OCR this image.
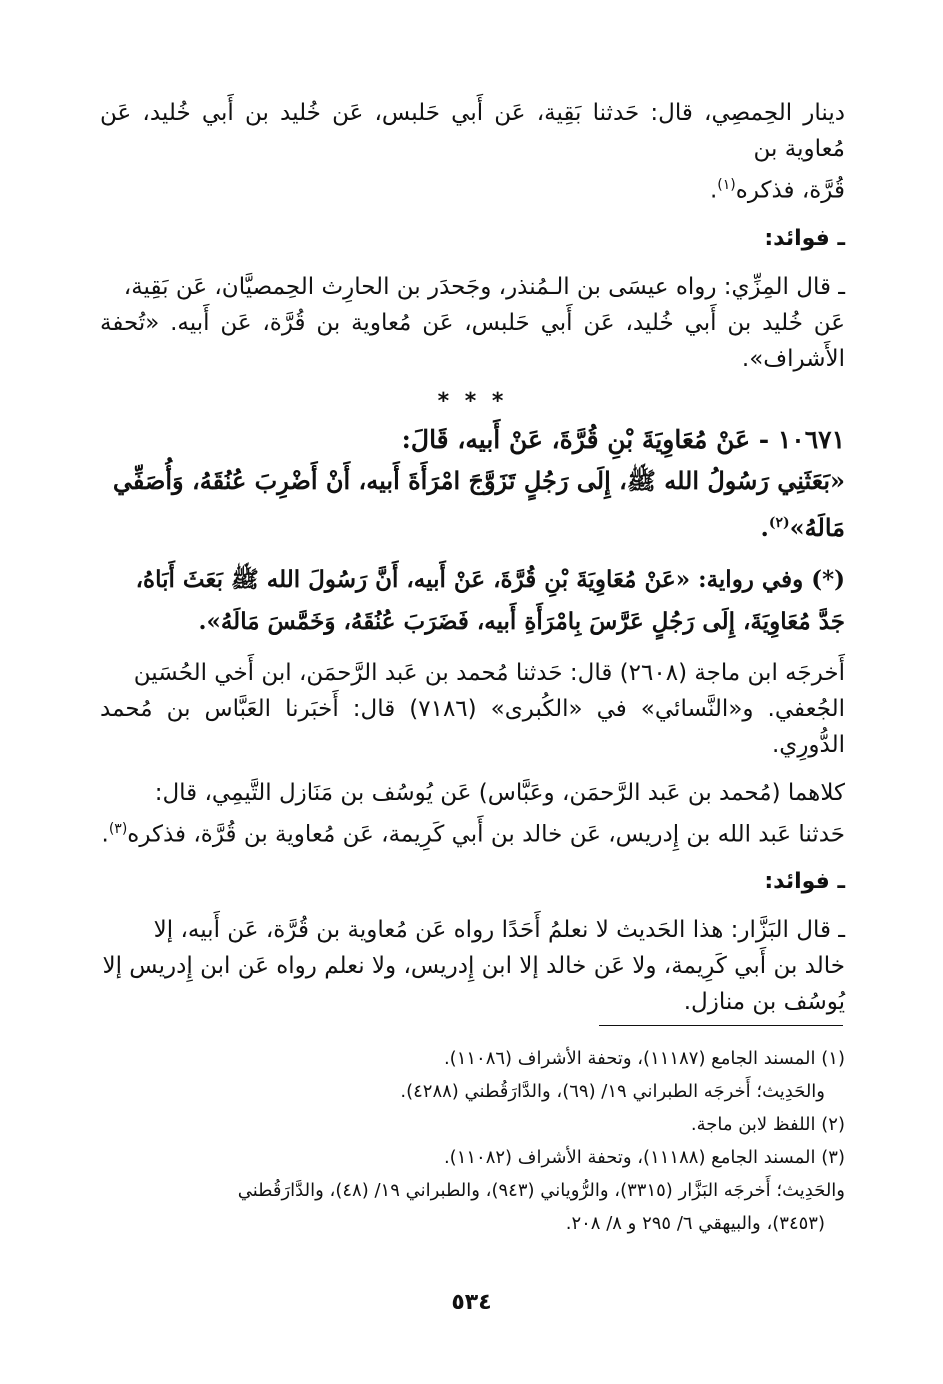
دينار الحِمصِي، قال: حَدثنا بَقِية، عَن أَبي حَلبس، عَن خُليد بن أَبي خُليد، عَن مُعاوية بن

قُرَّة، فذكره$^{(١)}$.

ـ فوائد:

ـ قال المِزِّي: رواه عيسَى بن الـمُنذر، وجَحدَر بن الحارِث الحِمصيَّان، عَن بَقِية،

عَن خُليد بن أَبي خُليد، عَن أَبي حَلبس، عَن مُعاوية بن قُرَّة، عَن أَبيه. «تُحفة الأَشراف».

* * *

١٠٦٧١ - عَنْ مُعَاوِيَةَ بْنِ قُرَّةَ، عَنْ أَبيه، قَالَ:

«بَعَثَنِي رَسُولُ الله ﷺ، إِلَى رَجُلٍ تَزَوَّجَ امْرَأَةَ أَبيه، أَنْ أَضْرِبَ عُنُقَهُ، وَأُصَفِّي

مَالَهُ»$^{(٢)}$.

(*) وفي رواية: «عَنْ مُعَاوِيَةَ بْنِ قُرَّةَ، عَنْ أَبيه، أَنَّ رَسُولَ الله ﷺ بَعَثَ أَبَاهُ،

جَدَّ مُعَاوِيَةَ، إِلَى رَجُلٍ عَرَّسَ بِامْرَأَةِ أَبيه، فَضَرَبَ عُنُقَهُ، وَخَمَّسَ مَالَهُ».

أَخرجَه ابن ماجة (٢٦٠٨) قال: حَدثنا مُحمد بن عَبد الرَّحمَن، ابن أَخي الحُسَين

الجُعفي. و«النَّسائي» في «الكُبرى» (٧١٨٦) قال: أَخبَرنا العَبَّاس بن مُحمد الدُّورِي.

كلاهما (مُحمد بن عَبد الرَّحمَن، وعَبَّاس) عَن يُوسُف بن مَنَازل التَّيمِي، قال:

حَدثنا عَبد الله بن إِدريس، عَن خالد بن أَبي كَرِيمة، عَن مُعاوية بن قُرَّة، فذكره$^{(٣)}$.

ـ فوائد:

ـ قال البَزَّار: هذا الحَديث لا نعلمُ أَحَدًا رواه عَن مُعاوية بن قُرَّة، عَن أَبيه، إلا

خالد بن أَبي كَرِيمة، ولا عَن خالد إلا ابن إِدريس، ولا نعلم رواه عَن ابن إِدريس إلا

يُوسُف بن منازل.

(١) المسند الجامع (١١١٨٧)، وتحفة الأشراف (١١٠٨٦).

والحَدِيث؛ أَخرجَه الطبراني ١٩/ (٦٩)، والدَّارَقُطني (٤٢٨٨).

(٢) اللفظ لابن ماجة.

(٣) المسند الجامع (١١١٨٨)، وتحفة الأشراف (١١٠٨٢).

والحَدِيث؛ أَخرجَه البَزَّار (٣٣١٥)، والرُّوياني (٩٤٣)، والطبراني ١٩/ (٤٨)، والدَّارَقُطني

(٣٤٥٣)، والبيهقي ٦/ ٢٩٥ و ٨/ ٢٠٨.

٥٣٤
